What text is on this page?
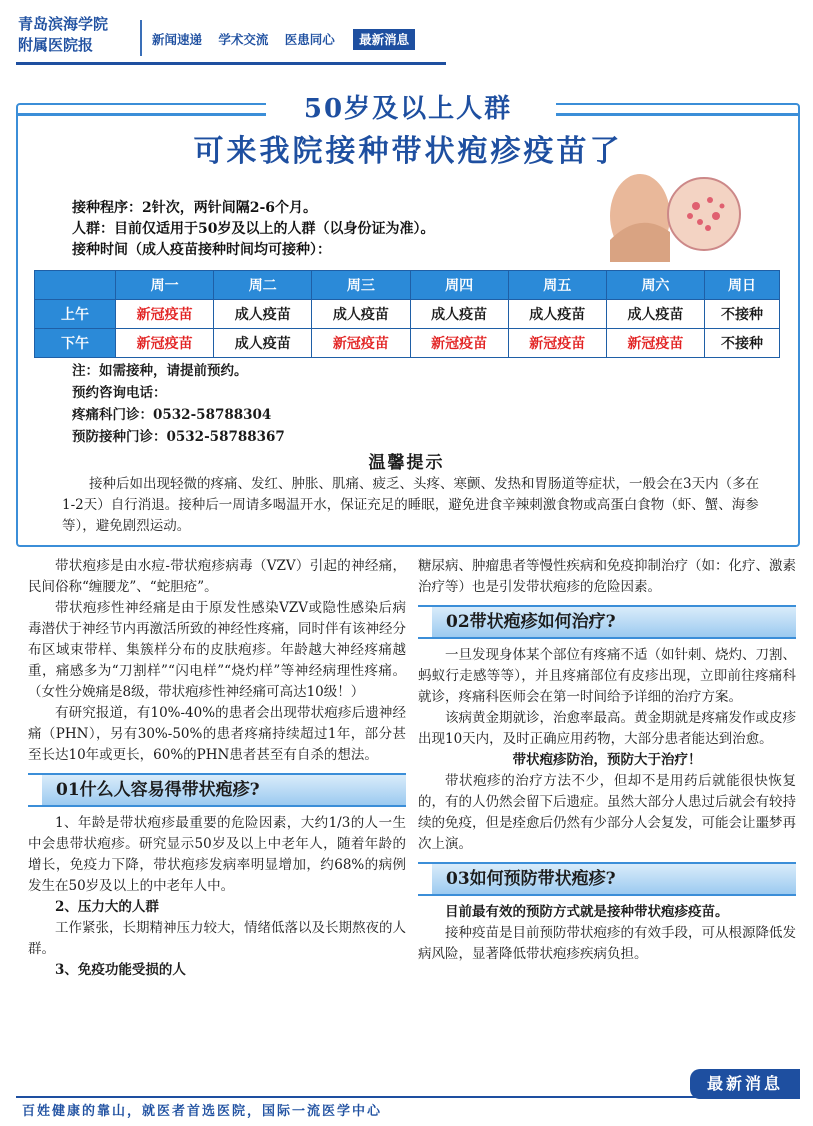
青岛滨海学院
附属医院报	新闻速递 学术交流 医患同心 最新消息
50岁及以上人群
可来我院接种带状疱疹疫苗了
接种程序：2针次，两针间隔2-6个月。
人群：目前仅适用于50岁及以上的人群（以身份证为准）。
接种时间（成人疫苗接种时间均可接种）：
	周一	周二	周三	周四	周五	周六	周日
上午	新冠疫苗	成人疫苗	成人疫苗	成人疫苗	成人疫苗	成人疫苗	不接种
下午	新冠疫苗	成人疫苗	新冠疫苗	新冠疫苗	新冠疫苗	新冠疫苗	不接种
注：如需接种，请提前预约。
预约咨询电话：
疼痛科门诊：0532-58788304
预防接种门诊：0532-58788367
温馨提示
接种后如出现轻微的疼痛、发红、肿胀、肌痛、疲乏、头疼、寒颤、发热和胃肠道等症状，一般会在3天内（多在1-2天）自行消退。接种后一周请多喝温开水，保证充足的睡眠，避免进食辛辣刺激食物或高蛋白食物（虾、蟹、海参等），避免剧烈运动。

带状疱疹是由水痘-带状疱疹病毒（VZV）引起的神经痛，民间俗称“缠腰龙”、“蛇胆疮”。

带状疱疹性神经痛是由于原发性感染VZV或隐性感染后病毒潜伏于神经节内再激活所致的神经性疼痛，同时伴有该神经分布区域束带样、集簇样分布的皮肤疱疹。年龄越大神经疼痛越重，痛感多为“刀割样”“闪电样”“烧灼样”等神经病理性疼痛。（女性分娩痛是8级，带状疱疹性神经痛可高达10级！）

有研究报道，有10%-40%的患者会出现带状疱疹后遗神经痛（PHN），另有30%-50%的患者疼痛持续超过1年，部分甚至长达10年或更长，60%的PHN患者甚至有自杀的想法。

01什么人容易得带状疱疹?

1、年龄是带状疱疹最重要的危险因素，大约1/3的人一生中会患带状疱疹。研究显示50岁及以上中老年人，随着年龄的增长，免疫力下降，带状疱疹发病率明显增加，约68%的病例发生在50岁及以上的中老年人中。

2、压力大的人群

工作紧张，长期精神压力较大，情绪低落以及长期熬夜的人群。

3、免疫功能受损的人

糖尿病、肿瘤患者等慢性疾病和免疫抑制治疗（如：化疗、激素治疗等）也是引发带状疱疹的危险因素。

02带状疱疹如何治疗?

一旦发现身体某个部位有疼痛不适（如针刺、烧灼、刀割、蚂蚁行走感等等），并且疼痛部位有皮疹出现，立即前往疼痛科就诊，疼痛科医师会在第一时间给予详细的治疗方案。

该病黄金期就诊，治愈率最高。黄金期就是疼痛发作或皮疹出现10天内，及时正确应用药物，大部分患者能达到治愈。

带状疱疹防治，预防大于治疗！

带状疱疹的治疗方法不少，但却不是用药后就能很快恢复的，有的人仍然会留下后遗症。虽然大部分人患过后就会有较持续的免疫，但是痊愈后仍然有少部分人会复发，可能会让噩梦再次上演。

03如何预防带状疱疹?

目前最有效的预防方式就是接种带状疱疹疫苗。

接种疫苗是目前预防带状疱疹的有效手段，可从根源降低发病风险，显著降低带状疱疹疾病负担。

百姓健康的靠山，就医者首选医院，国际一流医学中心
最新消息
